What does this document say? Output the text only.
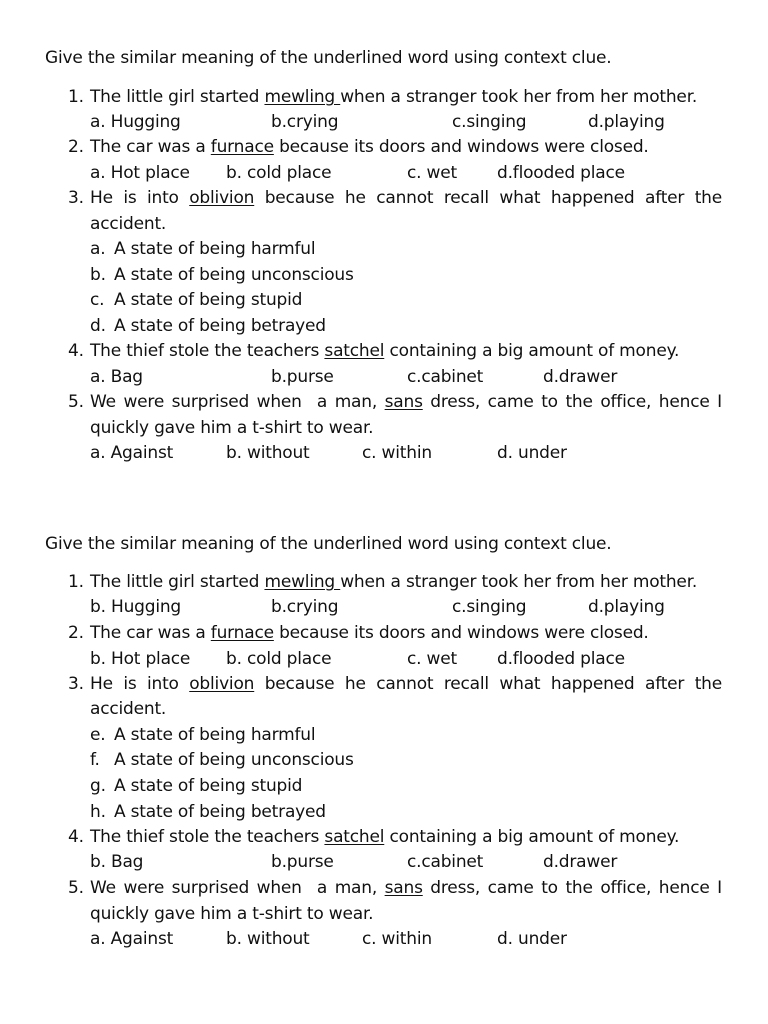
Give the similar meaning of the underlined word using context clue.
1. The little girl started mewling when a stranger took her from her mother.
a. Hugging	b.crying	c.singing	d.playing
2. The car was a furnace because its doors and windows were closed.
a. Hot place b. cold place	c. wet d.flooded place
3. He is into oblivion because he cannot recall what happened after the
accident.
a. A state of being harmful
b. A state of being unconscious
c. A state of being stupid
d. A state of being betrayed
4. The thief stole the teachers satchel containing a big amount of money.
a. Bag	b.purse	c.cabinet	d.drawer
5. We were surprised when  a man, sans dress, came to the office, hence I
quickly gave him a t-shirt to wear.
a. Against	b. without	c. within	d. under
Give the similar meaning of the underlined word using context clue.
1. The little girl started mewling when a stranger took her from her mother.
b. Hugging	b.crying	c.singing	d.playing
2. The car was a furnace because its doors and windows were closed.
b. Hot place b. cold place	c. wet d.flooded place
3. He is into oblivion because he cannot recall what happened after the
accident.
e. A state of being harmful
f. A state of being unconscious
g. A state of being stupid
h. A state of being betrayed
4. The thief stole the teachers satchel containing a big amount of money.
b. Bag	b.purse	c.cabinet	d.drawer
5. We were surprised when  a man, sans dress, came to the office, hence I
quickly gave him a t-shirt to wear.
a. Against	b. without	c. within	d. under
